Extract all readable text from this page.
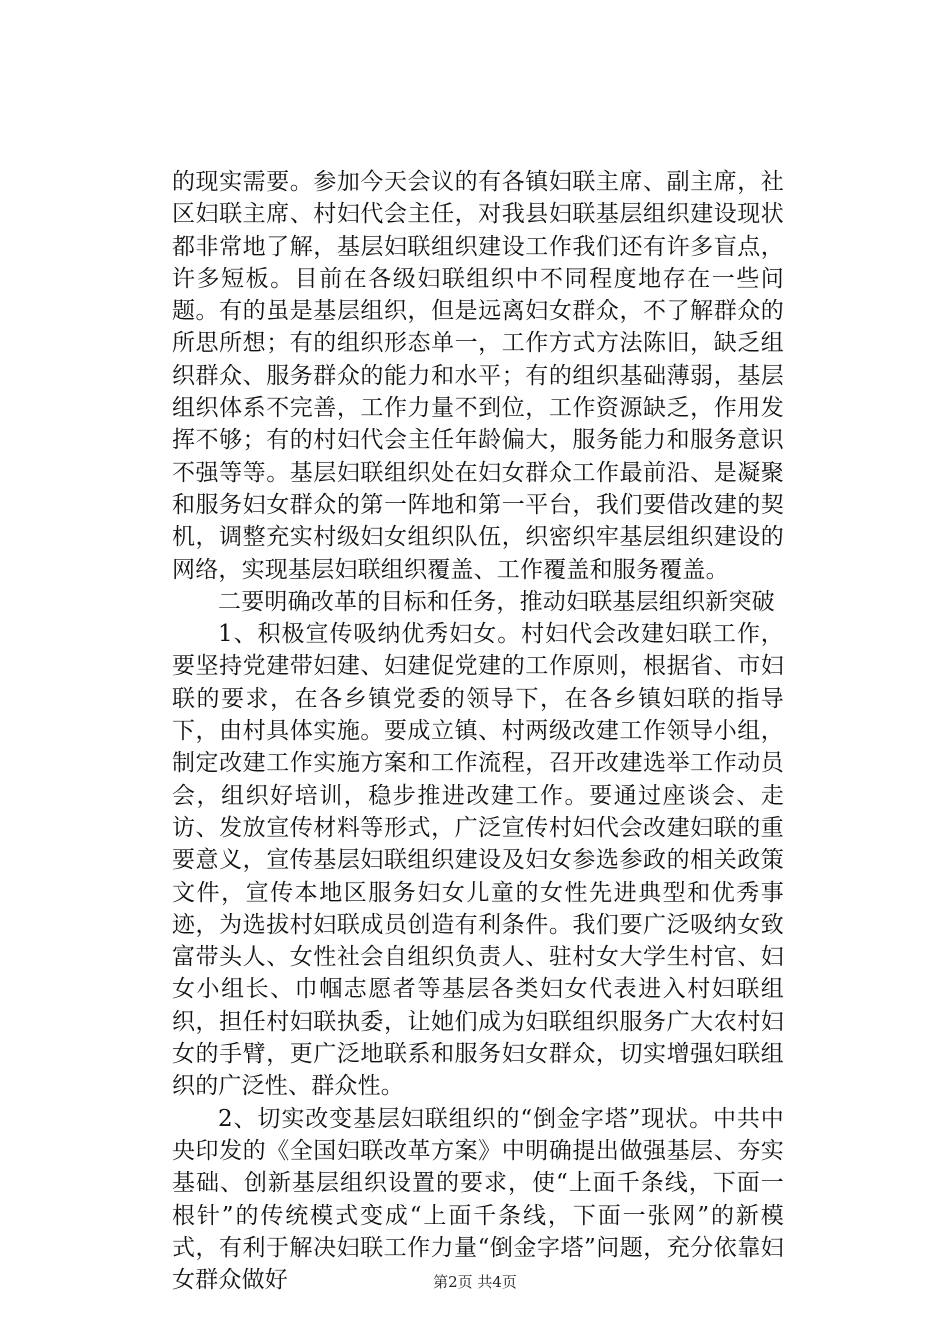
的现实需要。参加今天会议的有各镇妇联主席、副主席，社区妇联主席、村妇代会主任，对我县妇联基层组织建设现状都非常地了解，基层妇联组织建设工作我们还有许多盲点，许多短板。目前在各级妇联组织中不同程度地存在一些问题。有的虽是基层组织，但是远离妇女群众，不了解群众的所思所想；有的组织形态单一，工作方式方法陈旧，缺乏组织群众、服务群众的能力和水平；有的组织基础薄弱，基层组织体系不完善，工作力量不到位，工作资源缺乏，作用发挥不够；有的村妇代会主任年龄偏大，服务能力和服务意识不强等等。基层妇联组织处在妇女群众工作最前沿、是凝聚和服务妇女群众的第一阵地和第一平台，我们要借改建的契机，调整充实村级妇女组织队伍，织密织牢基层组织建设的网络，实现基层妇联组织覆盖、工作覆盖和服务覆盖。

二要明确改革的目标和任务，推动妇联基层组织新突破

1、积极宣传吸纳优秀妇女。村妇代会改建妇联工作，要坚持党建带妇建、妇建促党建的工作原则，根据省、市妇联的要求，在各乡镇党委的领导下，在各乡镇妇联的指导下，由村具体实施。要成立镇、村两级改建工作领导小组，制定改建工作实施方案和工作流程，召开改建选举工作动员会，组织好培训，稳步推进改建工作。要通过座谈会、走访、发放宣传材料等形式，广泛宣传村妇代会改建妇联的重要意义，宣传基层妇联组织建设及妇女参选参政的相关政策文件，宣传本地区服务妇女儿童的女性先进典型和优秀事迹，为选拔村妇联成员创造有利条件。我们要广泛吸纳女致富带头人、女性社会自组织负责人、驻村女大学生村官、妇女小组长、巾帼志愿者等基层各类妇女代表进入村妇联组织，担任村妇联执委，让她们成为妇联组织服务广大农村妇女的手臂，更广泛地联系和服务妇女群众，切实增强妇联组织的广泛性、群众性。

2、切实改变基层妇联组织的“倒金字塔”现状。中共中央印发的《全国妇联改革方案》中明确提出做强基层、夯实基础、创新基层组织设置的要求，使“上面千条线，下面一根针”的传统模式变成“上面千条线，下面一张网”的新模式，有利于解决妇联工作力量“倒金字塔”问题，充分依靠妇女群众做好	第2页 共4页
